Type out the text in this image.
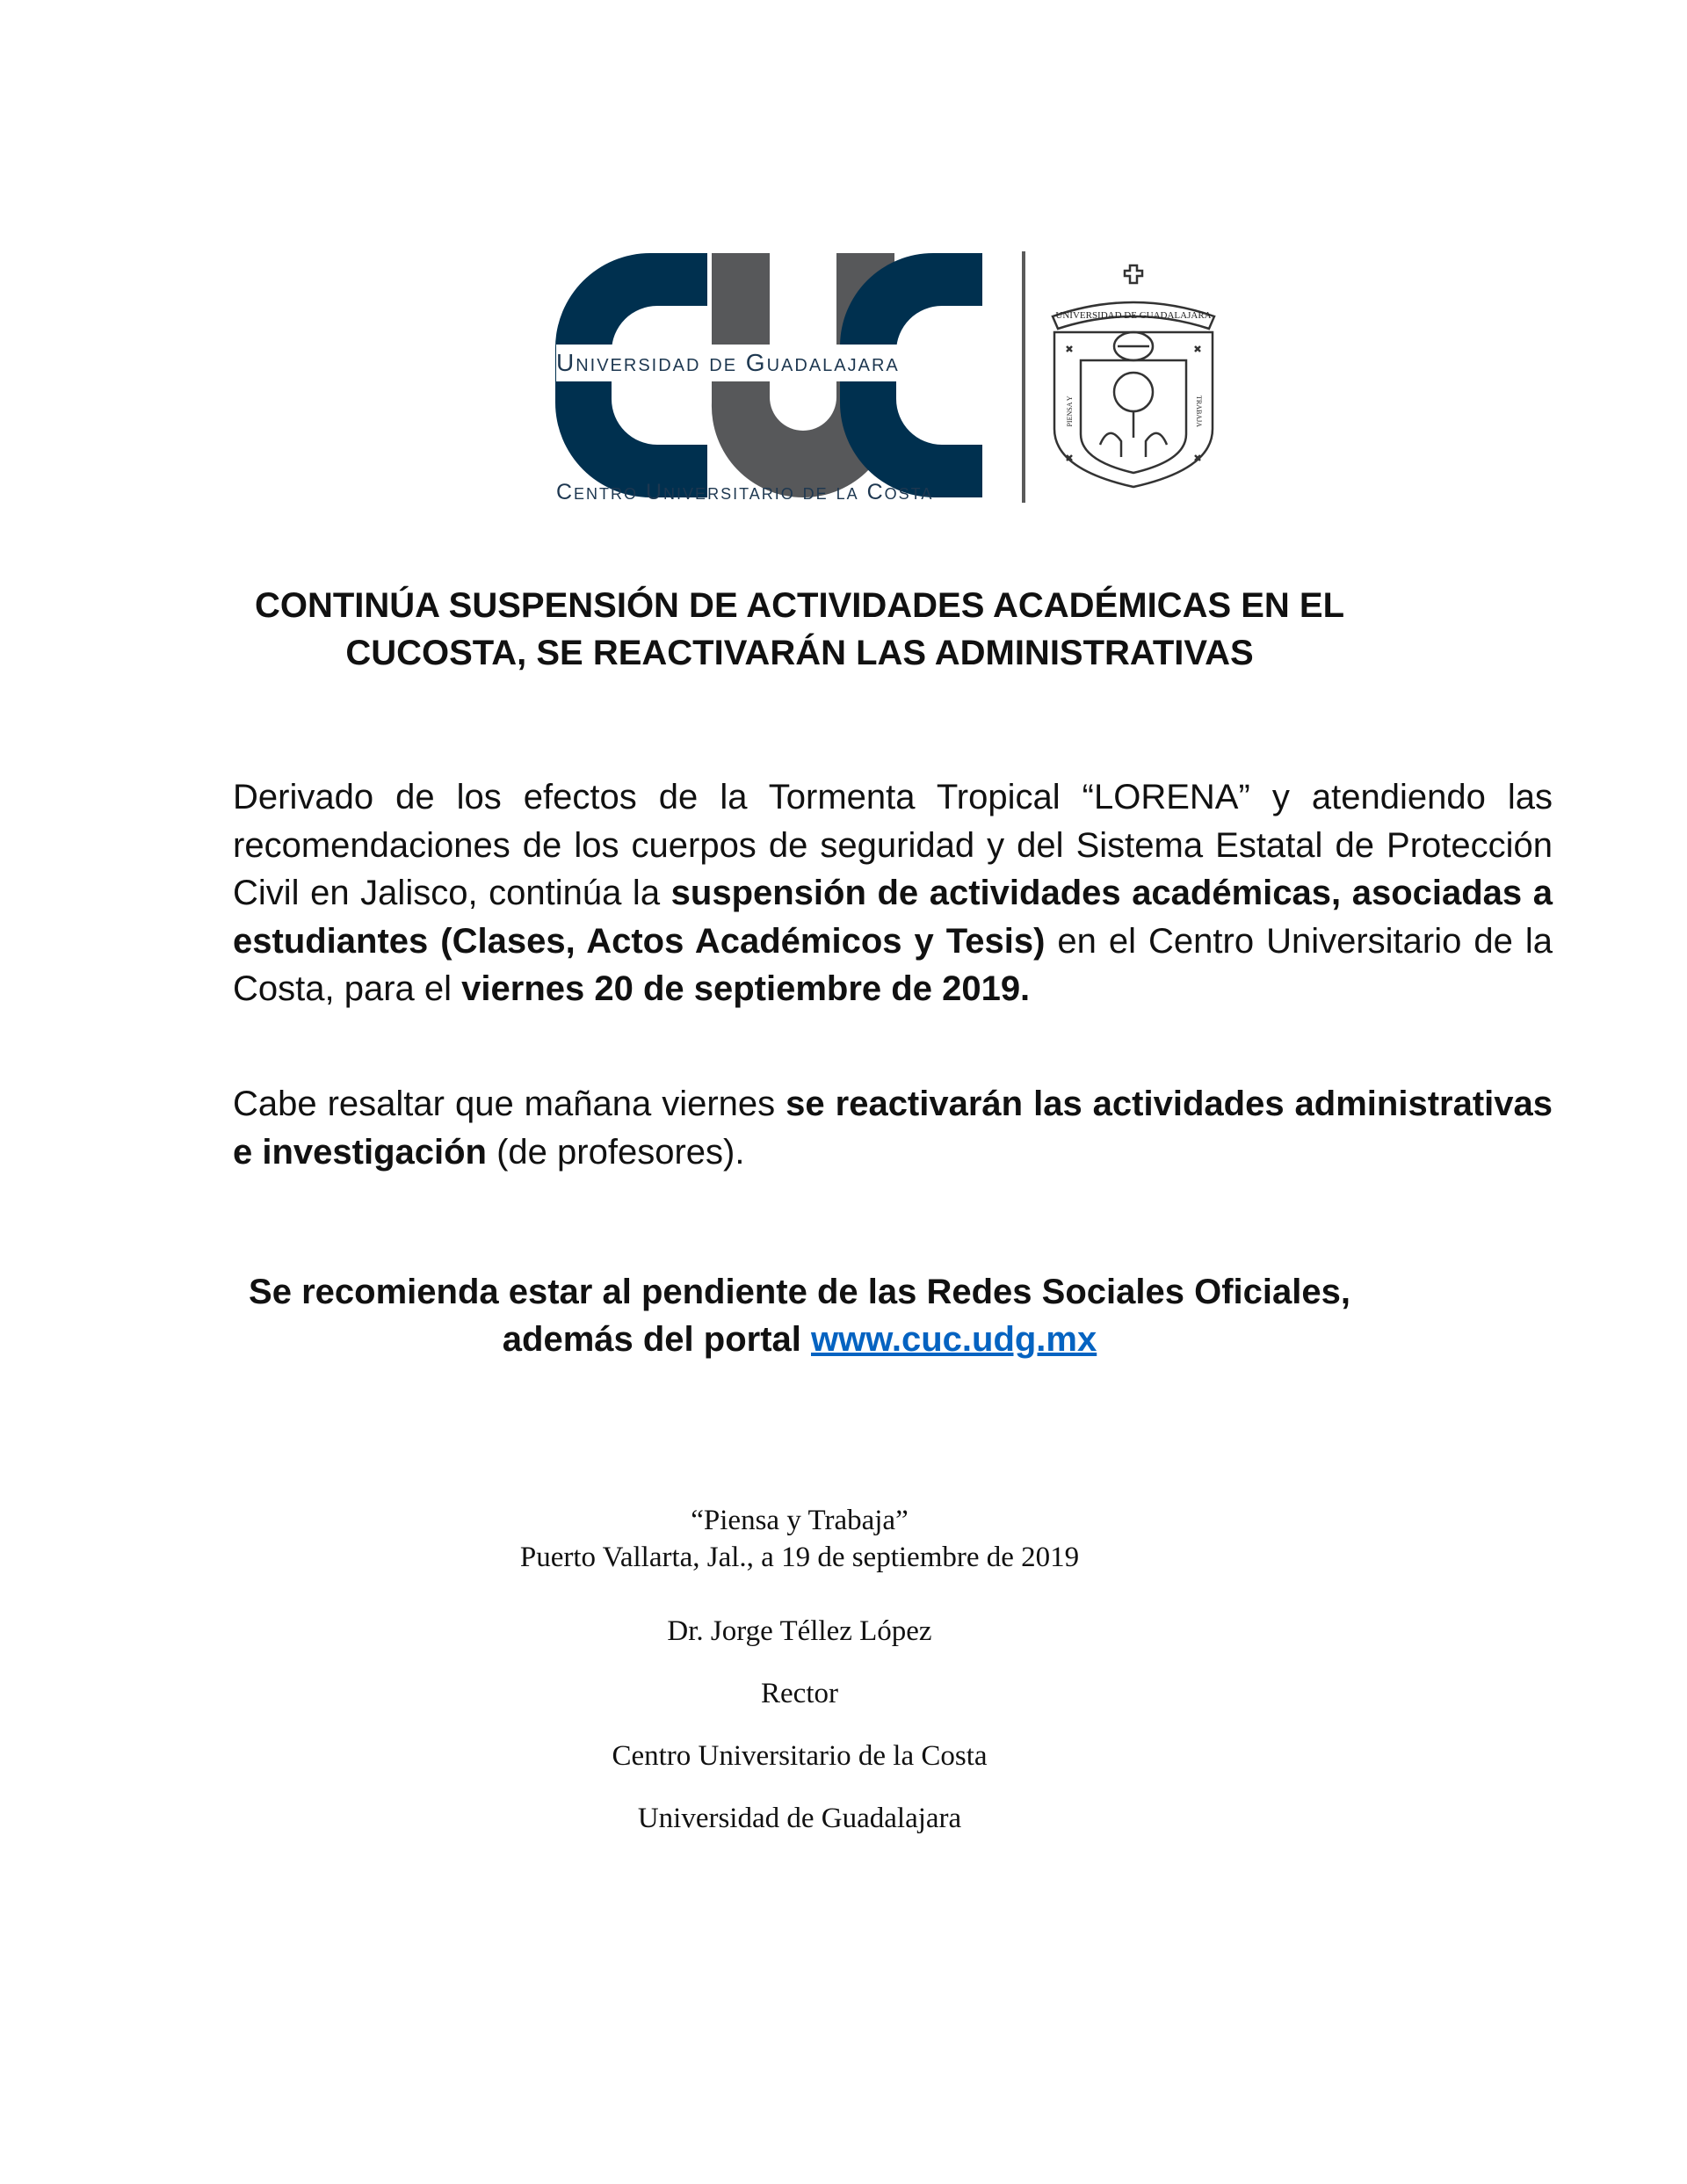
Universidad de Guadalajara
Centro Universitario de la Costa
UNIVERSIDAD DE GUADALAJARA
PIENSA Y	TRABAJA
CONTINÚA SUSPENSIÓN DE ACTIVIDADES ACADÉMICAS EN EL
CUCOSTA, SE REACTIVARÁN LAS ADMINISTRATIVAS
Derivado de los efectos de la Tormenta Tropical “LORENA” y atendiendo las recomendaciones de los cuerpos de seguridad y del Sistema Estatal de Protección Civil en Jalisco, continúa la suspensión de actividades académicas, asociadas a estudiantes (Clases, Actos Académicos y Tesis) en el Centro Universitario de la Costa, para el viernes 20 de septiembre de 2019.
Cabe resaltar que mañana viernes se reactivarán las actividades administrativas e investigación (de profesores).
Se recomienda estar al pendiente de las Redes Sociales Oficiales,
además del portal www.cuc.udg.mx
“Piensa y Trabaja”
Puerto Vallarta, Jal., a 19 de septiembre de 2019
Dr. Jorge Téllez López
Rector
Centro Universitario de la Costa
Universidad de Guadalajara
